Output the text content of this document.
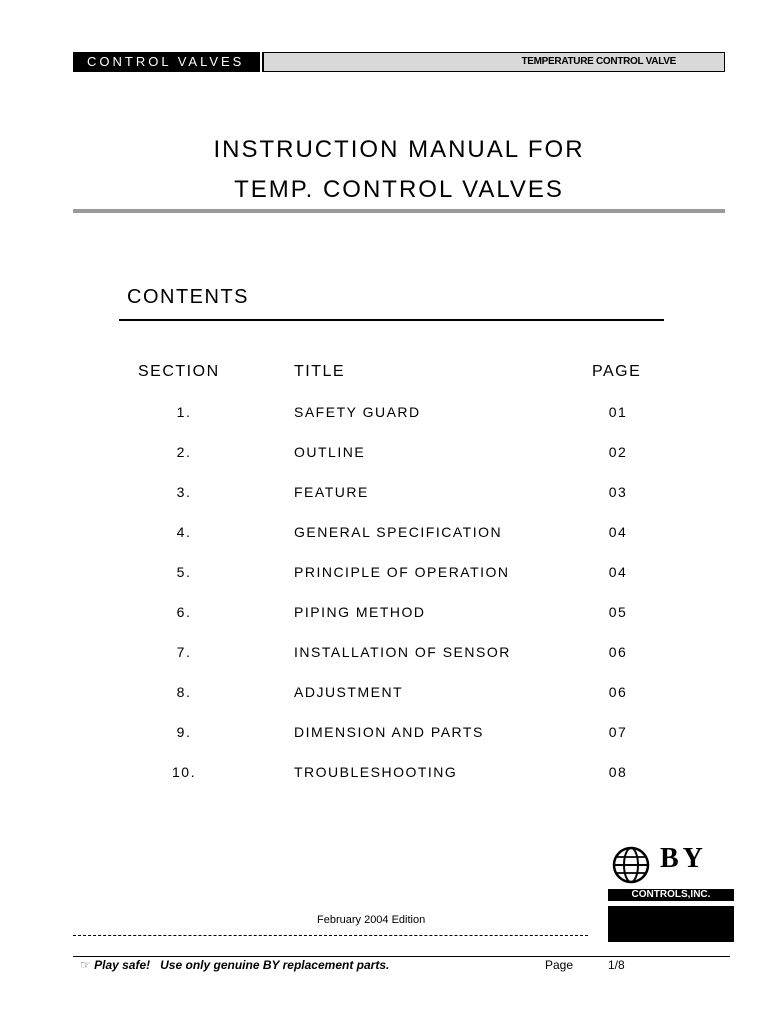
CONTROL VALVES	TEMPERATURE CONTROL VALVE
INSTRUCTION MANUAL FOR
TEMP. CONTROL VALVES
CONTENTS
SECTION	TITLE	PAGE
1.	SAFETY GUARD	01
2.	OUTLINE	02
3.	FEATURE	03
4.	GENERAL SPECIFICATION	04
5.	PRINCIPLE OF OPERATION	04
6.	PIPING METHOD	05
7.	INSTALLATION OF SENSOR	06
8.	ADJUSTMENT	06
9.	DIMENSION AND PARTS	07
10.	TROUBLESHOOTING	08
BY
CONTROLS,INC.
February 2004 Edition
☞ Play safe!   Use only genuine BY replacement parts.	Page	1/8
